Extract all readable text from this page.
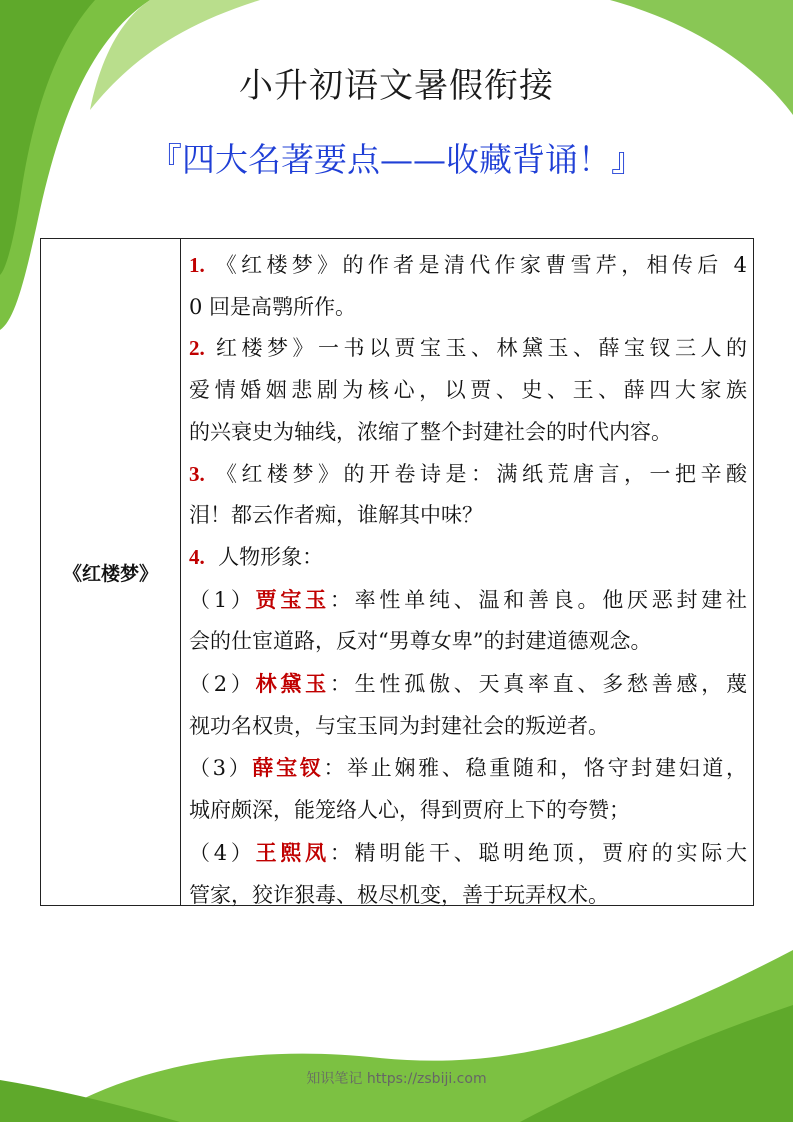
小升初语文暑假衔接
『四大名著要点——收藏背诵！』
《红楼梦》
1. 《红楼梦》的作者是清代作家曹雪芹，相传后 4
0 回是高鹗所作。
2. 红楼梦》一书以贾宝玉、林黛玉、薛宝钗三人的
爱情婚姻悲剧为核心，以贾、史、王、薛四大家族
的兴衰史为轴线，浓缩了整个封建社会的时代内容。
3. 《红楼梦》的开卷诗是：满纸荒唐言，一把辛酸
泪！都云作者痴，谁解其中味？
4. 人物形象：
（1）贾宝玉：率性单纯、温和善良。他厌恶封建社
会的仕宦道路，反对“男尊女卑”的封建道德观念。
（2）林黛玉：生性孤傲、天真率直、多愁善感，蔑
视功名权贵，与宝玉同为封建社会的叛逆者。
（3）薛宝钗：举止娴雅、稳重随和，恪守封建妇道，
城府颇深，能笼络人心，得到贾府上下的夸赞；
（4）王熙凤：精明能干、聪明绝顶，贾府的实际大
管家，狡诈狠毒、极尽机变，善于玩弄权术。
知识笔记 https://zsbiji.com
